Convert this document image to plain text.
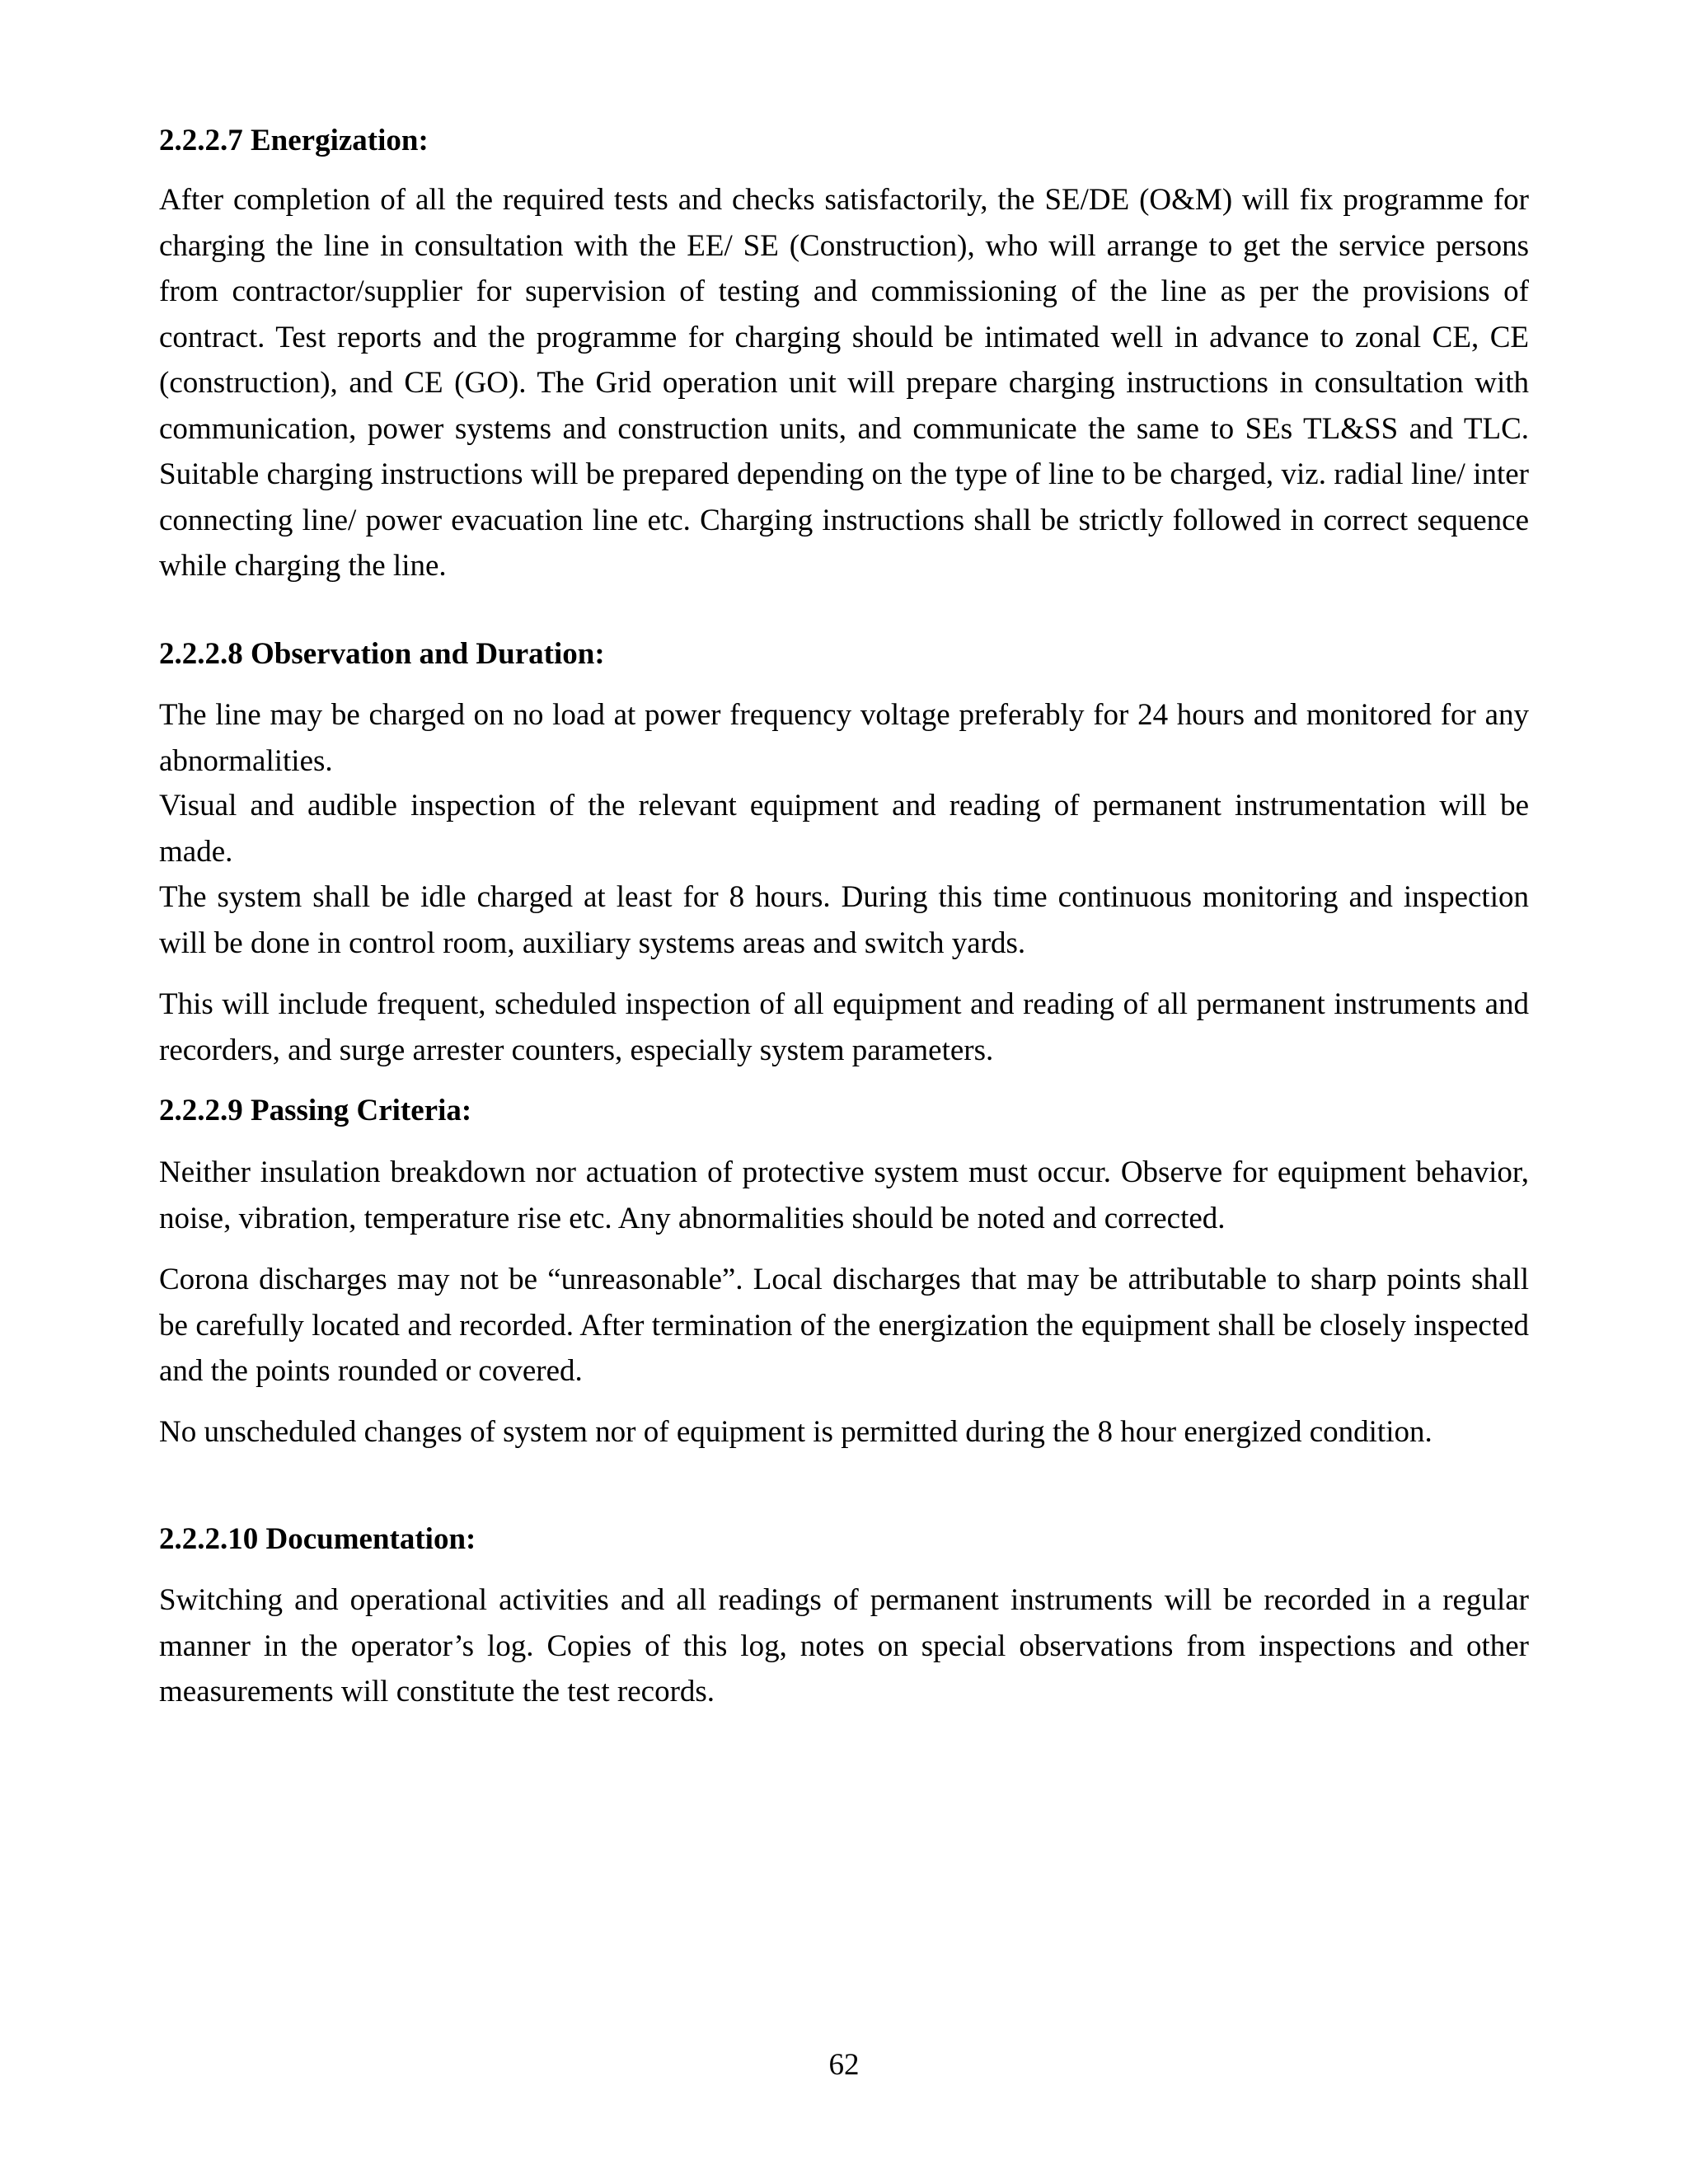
2.2.2.7 Energization:

After completion of all the required tests and checks satisfactorily, the SE/DE (O&M) will fix programme for charging the line in consultation with the EE/ SE (Construction), who will arrange to get the service persons from contractor/supplier for supervision of testing and commissioning of the line as per the provisions of contract. Test reports and the programme for charging should be intimated well in advance to zonal CE, CE (construction), and CE (GO). The Grid operation unit will prepare charging instructions in consultation with communication, power systems and construction units, and communicate the same to SEs TL&SS and TLC. Suitable charging instructions will be prepared depending on the type of line to be charged, viz. radial line/ inter connecting line/ power evacuation line etc. Charging instructions shall be strictly followed in correct sequence while charging the line.

2.2.2.8 Observation and Duration:

The line may be charged on no load at power frequency voltage preferably for 24 hours and monitored for any abnormalities.

Visual and audible inspection of the relevant equipment and reading of permanent instrumentation will be made.

The system shall be idle charged at least for 8 hours. During this time continuous monitoring and inspection will be done in control room, auxiliary systems areas and switch yards.

This will include frequent, scheduled inspection of all equipment and reading of all permanent instruments and recorders, and surge arrester counters, especially system parameters.

2.2.2.9 Passing Criteria:

Neither insulation breakdown nor actuation of protective system must occur. Observe for equipment behavior, noise, vibration, temperature rise etc. Any abnormalities should be noted and corrected.

Corona discharges may not be “unreasonable”. Local discharges that may be attributable to sharp points shall be carefully located and recorded. After termination of the energization the equipment shall be closely inspected and the points rounded or covered.

No unscheduled changes of system nor of equipment is permitted during the 8 hour energized condition.

2.2.2.10 Documentation:

Switching and operational activities and all readings of permanent instruments will be recorded in a regular manner in the operator’s log. Copies of this log, notes on special observations from inspections and other measurements will constitute the test records.

62
